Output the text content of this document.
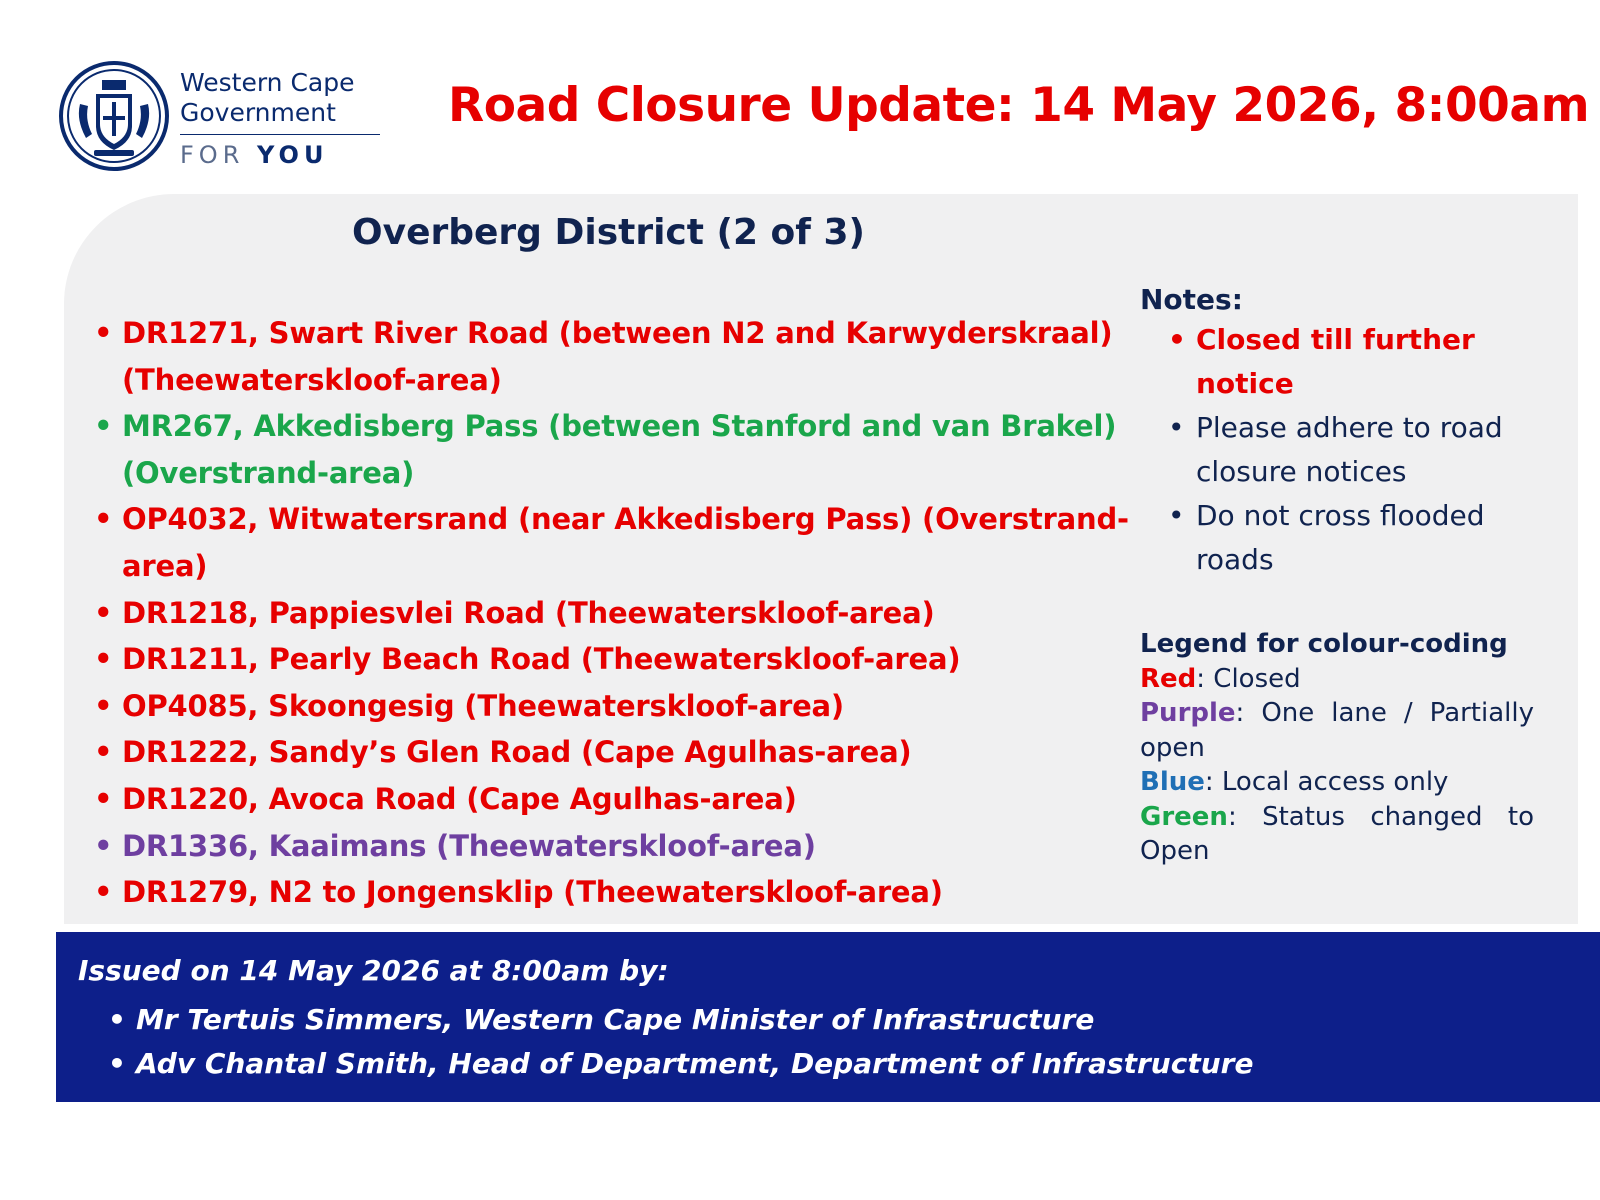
Western Cape
Government
FOR YOU
Road Closure Update: 14 May 2026, 8:00am
Overberg District (2 of 3)
• DR1271, Swart River Road (between N2 and Karwyderskraal) (Theewaterskloof-area)
• MR267, Akkedisberg Pass (between Stanford and van Brakel)(Overstrand-area)
• OP4032, Witwatersrand (near Akkedisberg Pass) (Overstrand-area)
• DR1218, Pappiesvlei Road (Theewaterskloof-area)
• DR1211, Pearly Beach Road (Theewaterskloof-area)
• OP4085, Skoongesig (Theewaterskloof-area)
• DR1222, Sandy’s Glen Road (Cape Agulhas-area)
• DR1220, Avoca Road (Cape Agulhas-area)
• DR1336, Kaaimans (Theewaterskloof-area)
• DR1279, N2 to Jongensklip (Theewaterskloof-area)
Notes:
• Closed till further notice
• Please adhere to road closure notices
• Do not cross flooded roads
Legend for colour-coding
Red: Closed
Purple: One lane / Partially open
Blue: Local access only
Green: Status changed to Open
Issued on 14 May 2026 at 8:00am by:
• Mr Tertuis Simmers, Western Cape Minister of Infrastructure
• Adv Chantal Smith, Head of Department, Department of Infrastructure
